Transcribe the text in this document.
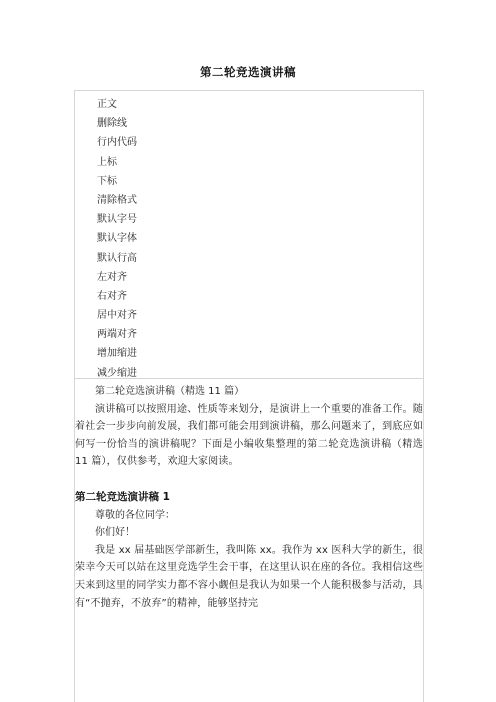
第二轮竞选演讲稿
正文
删除线
行内代码
上标
下标
清除格式
默认字号
默认字体
默认行高
左对齐
右对齐
居中对齐
两端对齐
增加缩进
减少缩进
第二轮竞选演讲稿（精选 11 篇）

演讲稿可以按照用途、性质等来划分，是演讲上一个重要的准备工作。随着社会一步步向前发展，我们都可能会用到演讲稿，那么问题来了，到底应如何写一份恰当的演讲稿呢？下面是小编收集整理的第二轮竞选演讲稿（精选 11 篇），仅供参考，欢迎大家阅读。

第二轮竞选演讲稿 1
尊敬的各位同学：
你们好！

我是 xx 届基础医学部新生，我叫陈 xx。我作为 xx 医科大学的新生，很荣幸今天可以站在这里竞选学生会干事，在这里认识在座的各位。我相信这些天来到这里的同学实力都不容小觑但是我认为如果一个人能积极参与活动，具有“不抛弃，不放弃”的精神，能够坚持完
